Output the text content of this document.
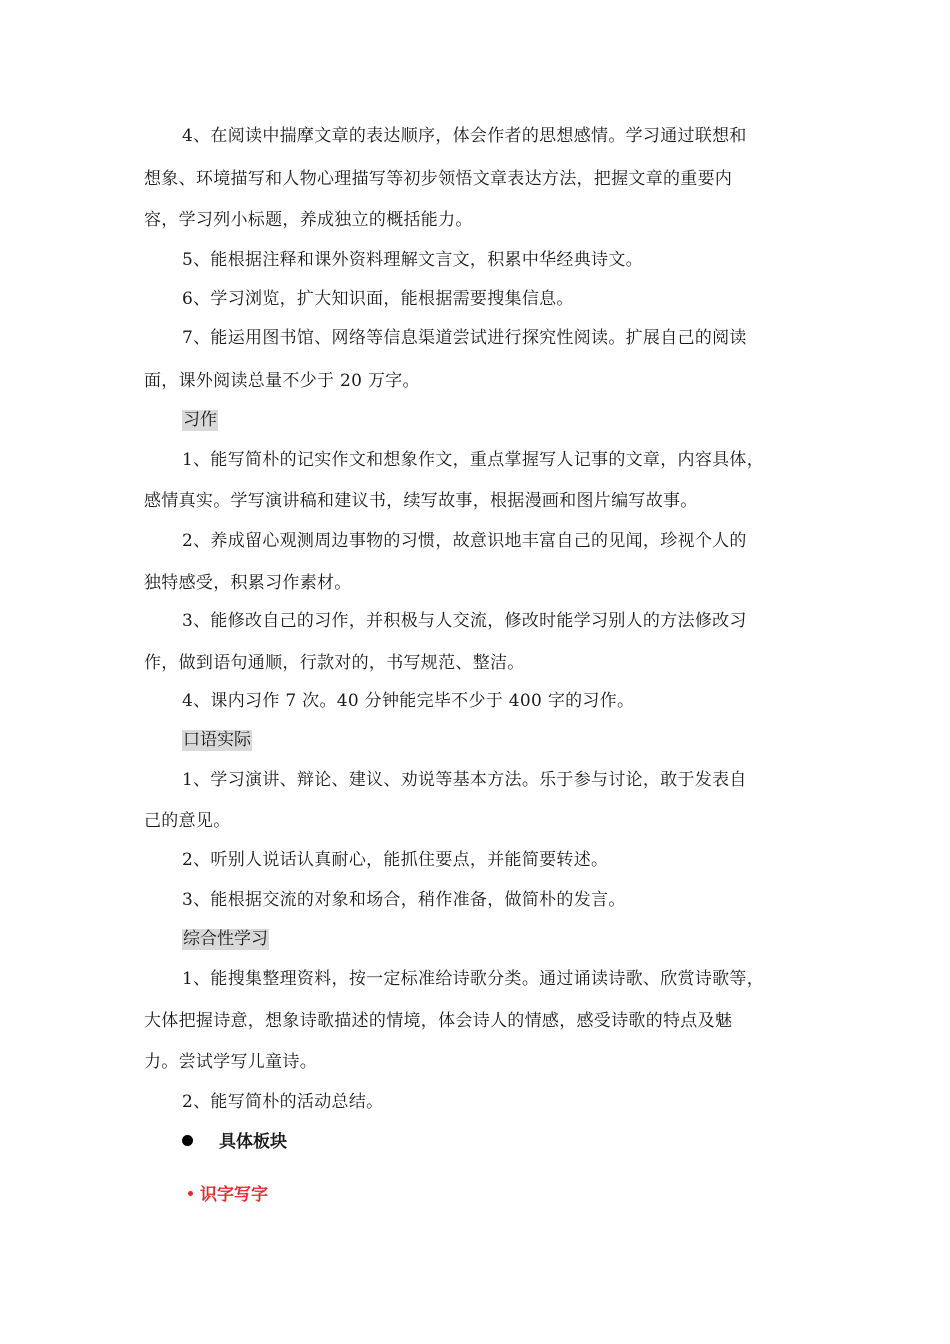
4、在阅读中揣摩文章的表达顺序，体会作者的思想感情。学习通过联想和
想象、环境描写和人物心理描写等初步领悟文章表达方法，把握文章的重要内
容，学习列小标题，养成独立的概括能力。
5、能根据注释和课外资料理解文言文，积累中华经典诗文。
6、学习浏览，扩大知识面，能根据需要搜集信息。
7、能运用图书馆、网络等信息渠道尝试进行探究性阅读。扩展自己的阅读
面，课外阅读总量不少于 20 万字。
习作
1、能写简朴的记实作文和想象作文，重点掌握写人记事的文章，内容具体，
感情真实。学写演讲稿和建议书，续写故事，根据漫画和图片编写故事。
2、养成留心观测周边事物的习惯，故意识地丰富自己的见闻，珍视个人的
独特感受，积累习作素材。
3、能修改自己的习作，并积极与人交流，修改时能学习别人的方法修改习
作，做到语句通顺，行款对的，书写规范、整洁。
4、课内习作 7 次。40 分钟能完毕不少于 400 字的习作。
口语实际
1、学习演讲、辩论、建议、劝说等基本方法。乐于参与讨论，敢于发表自
己的意见。
2、听别人说话认真耐心，能抓住要点，并能简要转述。
3、能根据交流的对象和场合，稍作准备，做简朴的发言。
综合性学习
1、能搜集整理资料，按一定标准给诗歌分类。通过诵读诗歌、欣赏诗歌等，
大体把握诗意，想象诗歌描述的情境，体会诗人的情感，感受诗歌的特点及魅
力。尝试学写儿童诗。
2、能写简朴的活动总结。
具体板块
识字写字
